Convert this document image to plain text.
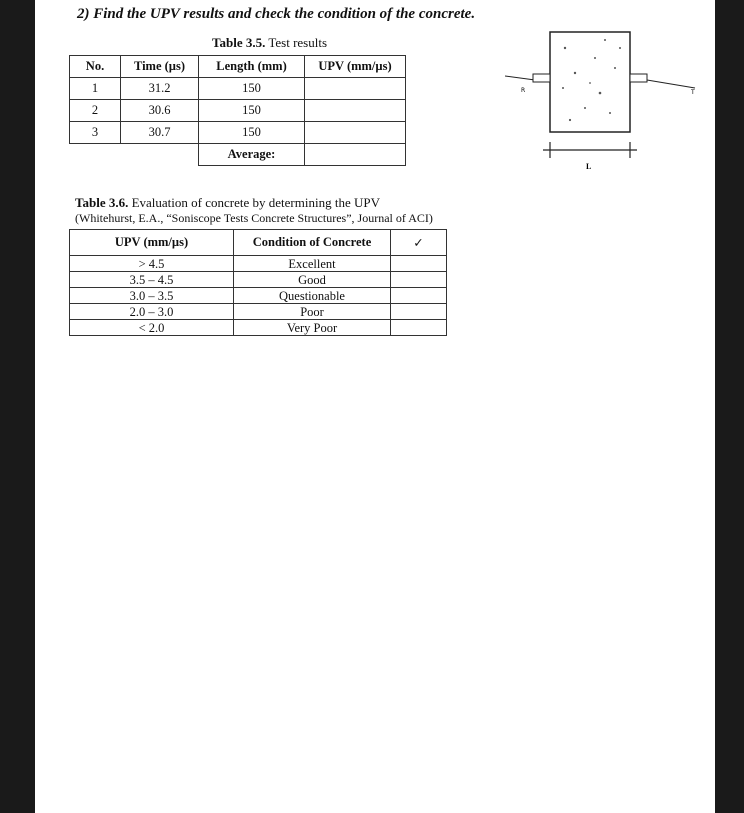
2) Find the UPV results and check the condition of the concrete.
Table 3.5. Test results
No.	Time (µs)	Length (mm)	UPV (mm/µs)
1	31.2	150	
2	30.6	150	
3	30.7	150	
		Average:	
R	T
L
Table 3.6. Evaluation of concrete by determining the UPV
(Whitehurst, E.A., “Soniscope Tests Concrete Structures”, Journal of ACI)
UPV (mm/µs)	Condition of Concrete	✓
> 4.5	Excellent	
3.5 – 4.5	Good	
3.0 – 3.5	Questionable	
2.0 – 3.0	Poor	
< 2.0	Very Poor	
